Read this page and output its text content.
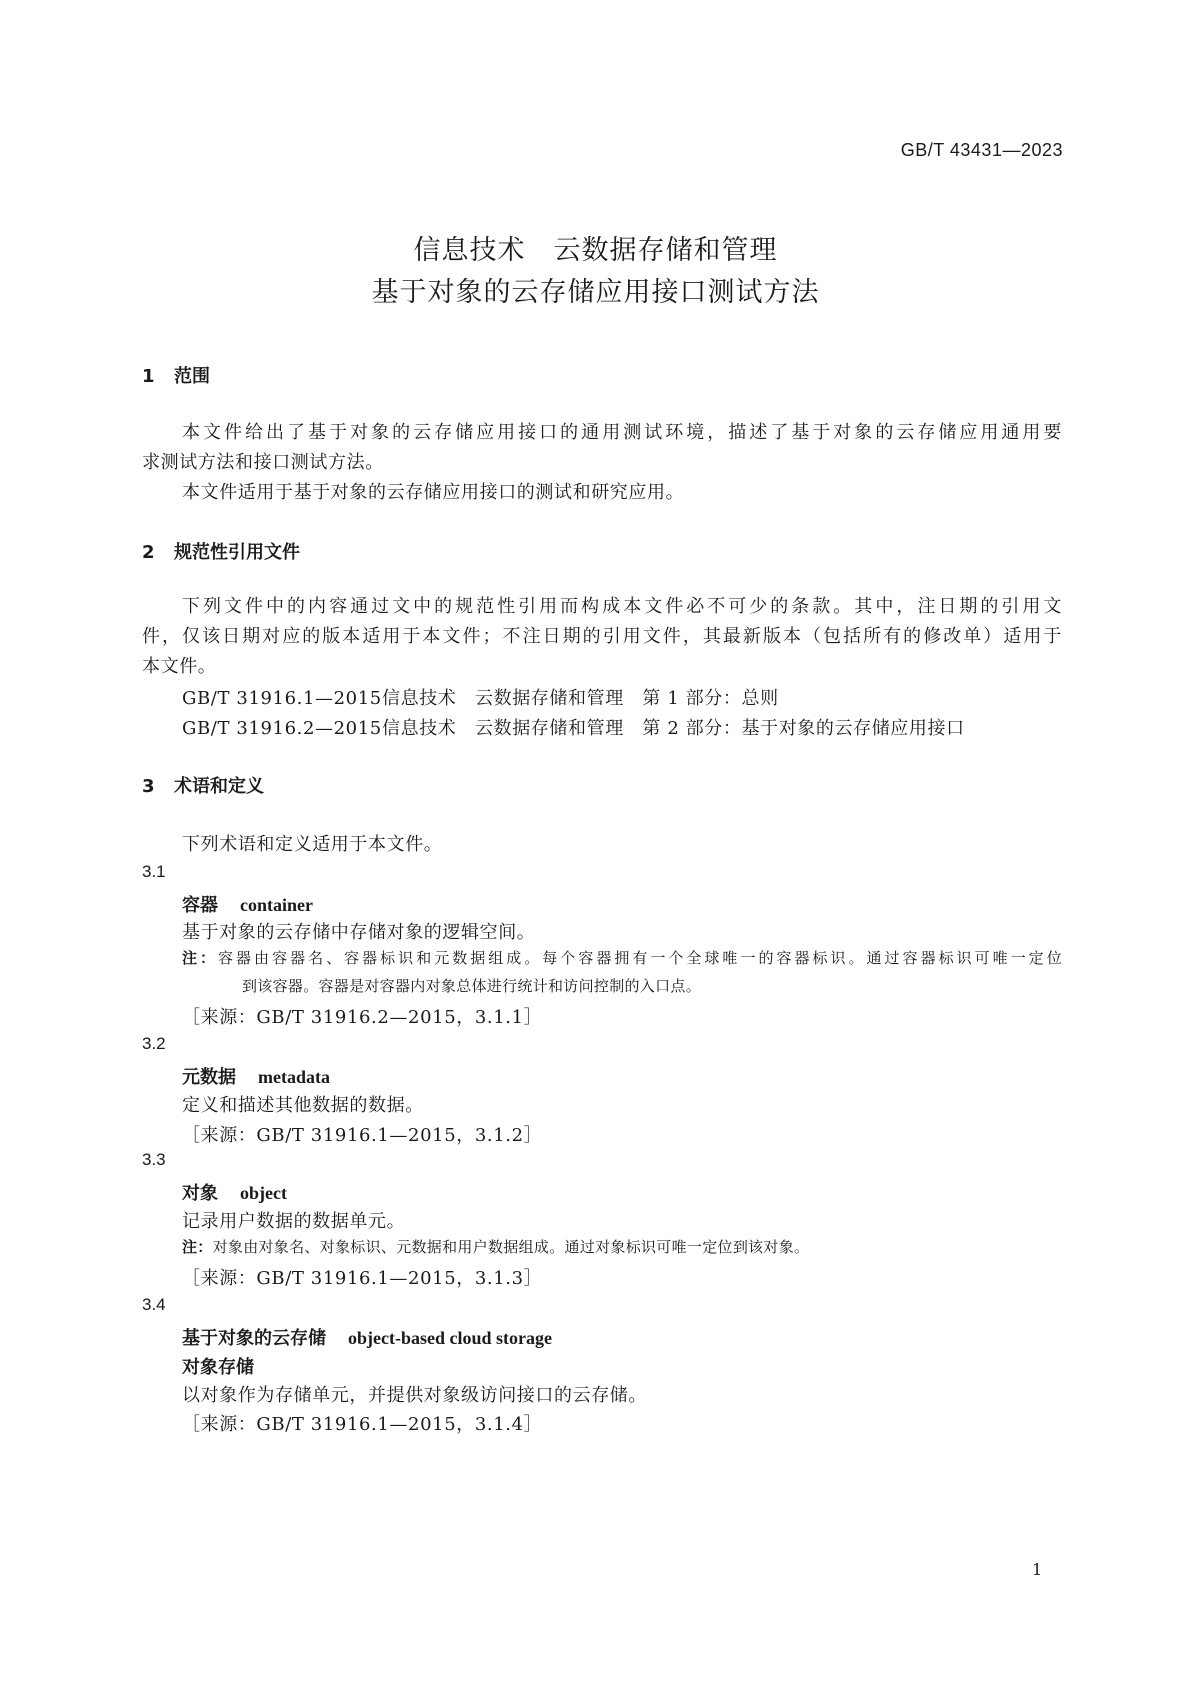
GB/T 43431—2023
信息技术　云数据存储和管理
基于对象的云存储应用接口测试方法
1 范围
本文件给出了基于对象的云存储应用接口的通用测试环境，描述了基于对象的云存储应用通用要
求测试方法和接口测试方法。
本文件适用于基于对象的云存储应用接口的测试和研究应用。
2 规范性引用文件
下列文件中的内容通过文中的规范性引用而构成本文件必不可少的条款。其中，注日期的引用文
件，仅该日期对应的版本适用于本文件；不注日期的引用文件，其最新版本（包括所有的修改单）适用于
本文件。
GB/T 31916.1—2015信息技术　云数据存储和管理　第 1 部分：总则
GB/T 31916.2—2015信息技术　云数据存储和管理　第 2 部分：基于对象的云存储应用接口
3 术语和定义
下列术语和定义适用于本文件。
3.1
容器 container
基于对象的云存储中存储对象的逻辑空间。
注：容器由容器名、容器标识和元数据组成。每个容器拥有一个全球唯一的容器标识。通过容器标识可唯一定位
到该容器。容器是对容器内对象总体进行统计和访问控制的入口点。
［来源：GB/T 31916.2—2015，3.1.1］
3.2
元数据 metadata
定义和描述其他数据的数据。
［来源：GB/T 31916.1—2015，3.1.2］
3.3
对象 object
记录用户数据的数据单元。
注：对象由对象名、对象标识、元数据和用户数据组成。通过对象标识可唯一定位到该对象。
［来源：GB/T 31916.1—2015，3.1.3］
3.4
基于对象的云存储 object-based cloud storage
对象存储
以对象作为存储单元，并提供对象级访问接口的云存储。
［来源：GB/T 31916.1—2015，3.1.4］
1
